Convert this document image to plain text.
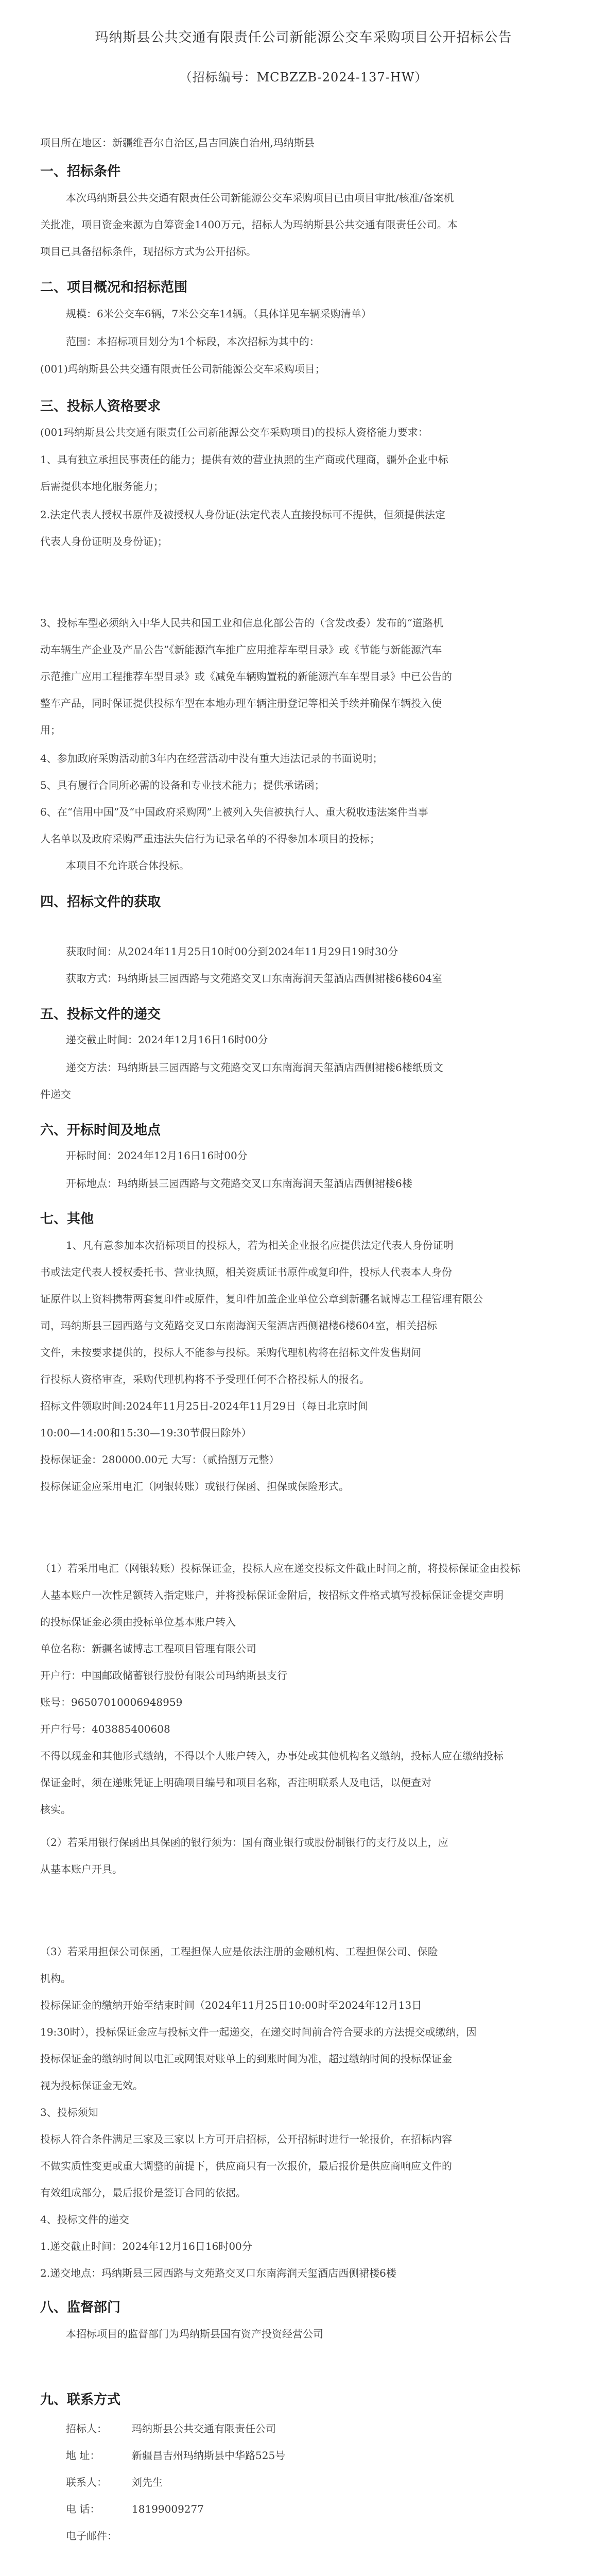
玛纳斯县公共交通有限责任公司新能源公交车采购项目公开招标公告
（招标编号：MCBZZB-2024-137-HW）
项目所在地区：新疆维吾尔自治区,昌吉回族自治州,玛纳斯县
一、招标条件
本次玛纳斯县公共交通有限责任公司新能源公交车采购项目已由项目审批/核准/备案机
关批准，项目资金来源为自筹资金1400万元，招标人为玛纳斯县公共交通有限责任公司。本
项目已具备招标条件，现招标方式为公开招标。
二、项目概况和招标范围
规模：6米公交车6辆，7米公交车14辆。（具体详见车辆采购清单）
范围：本招标项目划分为1个标段，本次招标为其中的：
(001)玛纳斯县公共交通有限责任公司新能源公交车采购项目；
三、投标人资格要求
(001玛纳斯县公共交通有限责任公司新能源公交车采购项目)的投标人资格能力要求：
1、具有独立承担民事责任的能力；提供有效的营业执照的生产商或代理商，疆外企业中标
后需提供本地化服务能力；
2.法定代表人授权书原件及被授权人身份证(法定代表人直接投标可不提供，但须提供法定
代表人身份证明及身份证)；
3、投标车型必须纳入中华人民共和国工业和信息化部公告的（含发改委）发布的“道路机
动车辆生产企业及产品公告”《新能源汽车推广应用推荐车型目录》或《节能与新能源汽车
示范推广应用工程推荐车型目录》或《减免车辆购置税的新能源汽车车型目录》中已公告的
整车产品，同时保证提供投标车型在本地办理车辆注册登记等相关手续并确保车辆投入使
用；
4、参加政府采购活动前3年内在经营活动中没有重大违法记录的书面说明；
5、具有履行合同所必需的设备和专业技术能力；提供承诺函；
6、在“信用中国”及“中国政府采购网”上被列入失信被执行人、重大税收违法案件当事
人名单以及政府采购严重违法失信行为记录名单的不得参加本项目的投标；
本项目不允许联合体投标。
四、招标文件的获取
获取时间：从2024年11月25日10时00分到2024年11月29日19时30分
获取方式：玛纳斯县三园西路与文苑路交叉口东南海润天玺酒店西侧裙楼6楼604室
五、投标文件的递交
递交截止时间：2024年12月16日16时00分
递交方法：玛纳斯县三园西路与文苑路交叉口东南海润天玺酒店西侧裙楼6楼纸质文
件递交
六、开标时间及地点
开标时间：2024年12月16日16时00分
开标地点：玛纳斯县三园西路与文苑路交叉口东南海润天玺酒店西侧裙楼6楼
七、其他
1、凡有意参加本次招标项目的投标人，若为相关企业报名应提供法定代表人身份证明
书或法定代表人授权委托书、营业执照，相关资质证书原件或复印件，投标人代表本人身份
证原件以上资料携带两套复印件或原件，复印件加盖企业单位公章到新疆名诚博志工程管理有限公
司，玛纳斯县三园西路与文苑路交叉口东南海润天玺酒店西侧裙楼6楼604室，相关招标
文件，未按要求提供的，投标人不能参与投标。采购代理机构将在招标文件发售期间
行投标人资格审查，采购代理机构将不予受理任何不合格投标人的报名。
招标文件领取时间:2024年11月25日-2024年11月29日（每日北京时间
10:00—14:00和15:30—19:30节假日除外）
投标保证金：280000.00元 大写：（贰拾捌万元整）
投标保证金应采用电汇（网银转账）或银行保函、担保或保险形式。
（1）若采用电汇（网银转账）投标保证金，投标人应在递交投标文件截止时间之前，将投标保证金由投标
人基本账户一次性足额转入指定账户，并将投标保证金附后，按招标文件格式填写投标保证金提交声明
的投标保证金必须由投标单位基本账户转入
单位名称：新疆名诚博志工程项目管理有限公司
开户行：中国邮政储蓄银行股份有限公司玛纳斯县支行
账号：965070100069489​59
开户行号：403885400608
不得以现金和其他形式缴纳，不得以个人账户转入，办事处或其他机构名义缴纳，投标人应在缴纳投标
保证金时，须在递账凭证上明确项目编号和项目名称，否注明联系人及电话，以便查对
核实。
（2）若采用银行保函出具保函的银行须为：国有商业银行或股份制银行的支行及以上，应
从基本账户开具。
（3）若采用担保公司保函，工程担保人应是依法注册的金融机构、工程担保公司、保险
机构。
投标保证金的缴纳开始至结束时间（2024年11月25日10:00时至2024年12月13日
19:30时），投标保证金应与投标文件一起递交，在递交时间前合符合要求的方法提交或缴纳，因
投标保证金的缴纳时间以电汇或网银对账单上的到账时间为准，超过缴纳时间的投标保证金
视为投标保证金无效。
3、投标须知
投标人符合条件满足三家及三家以上方可开启招标，公开招标时进行一轮报价，在招标内容
不做实质性变更或重大调整的前提下，供应商只有一次报价，最后报价是供应商响应文件的
有效组成部分，最后报价是签订合同的依据。
4、投标文件的递交
1.递交截止时间：2024年12月16日16时00分
2.递交地点：玛纳斯县三园西路与文苑路交叉口东南海润天玺酒店西侧裙楼6楼
八、监督部门
本招标项目的监督部门为玛纳斯县国有资产投资经营公司
九、联系方式
招标人： 玛纳斯县公共交通有限责任公司
地 址：	新疆昌吉州玛纳斯县中华路525号
联系人： 刘先生
电 话：	18199009277
电子邮件：
